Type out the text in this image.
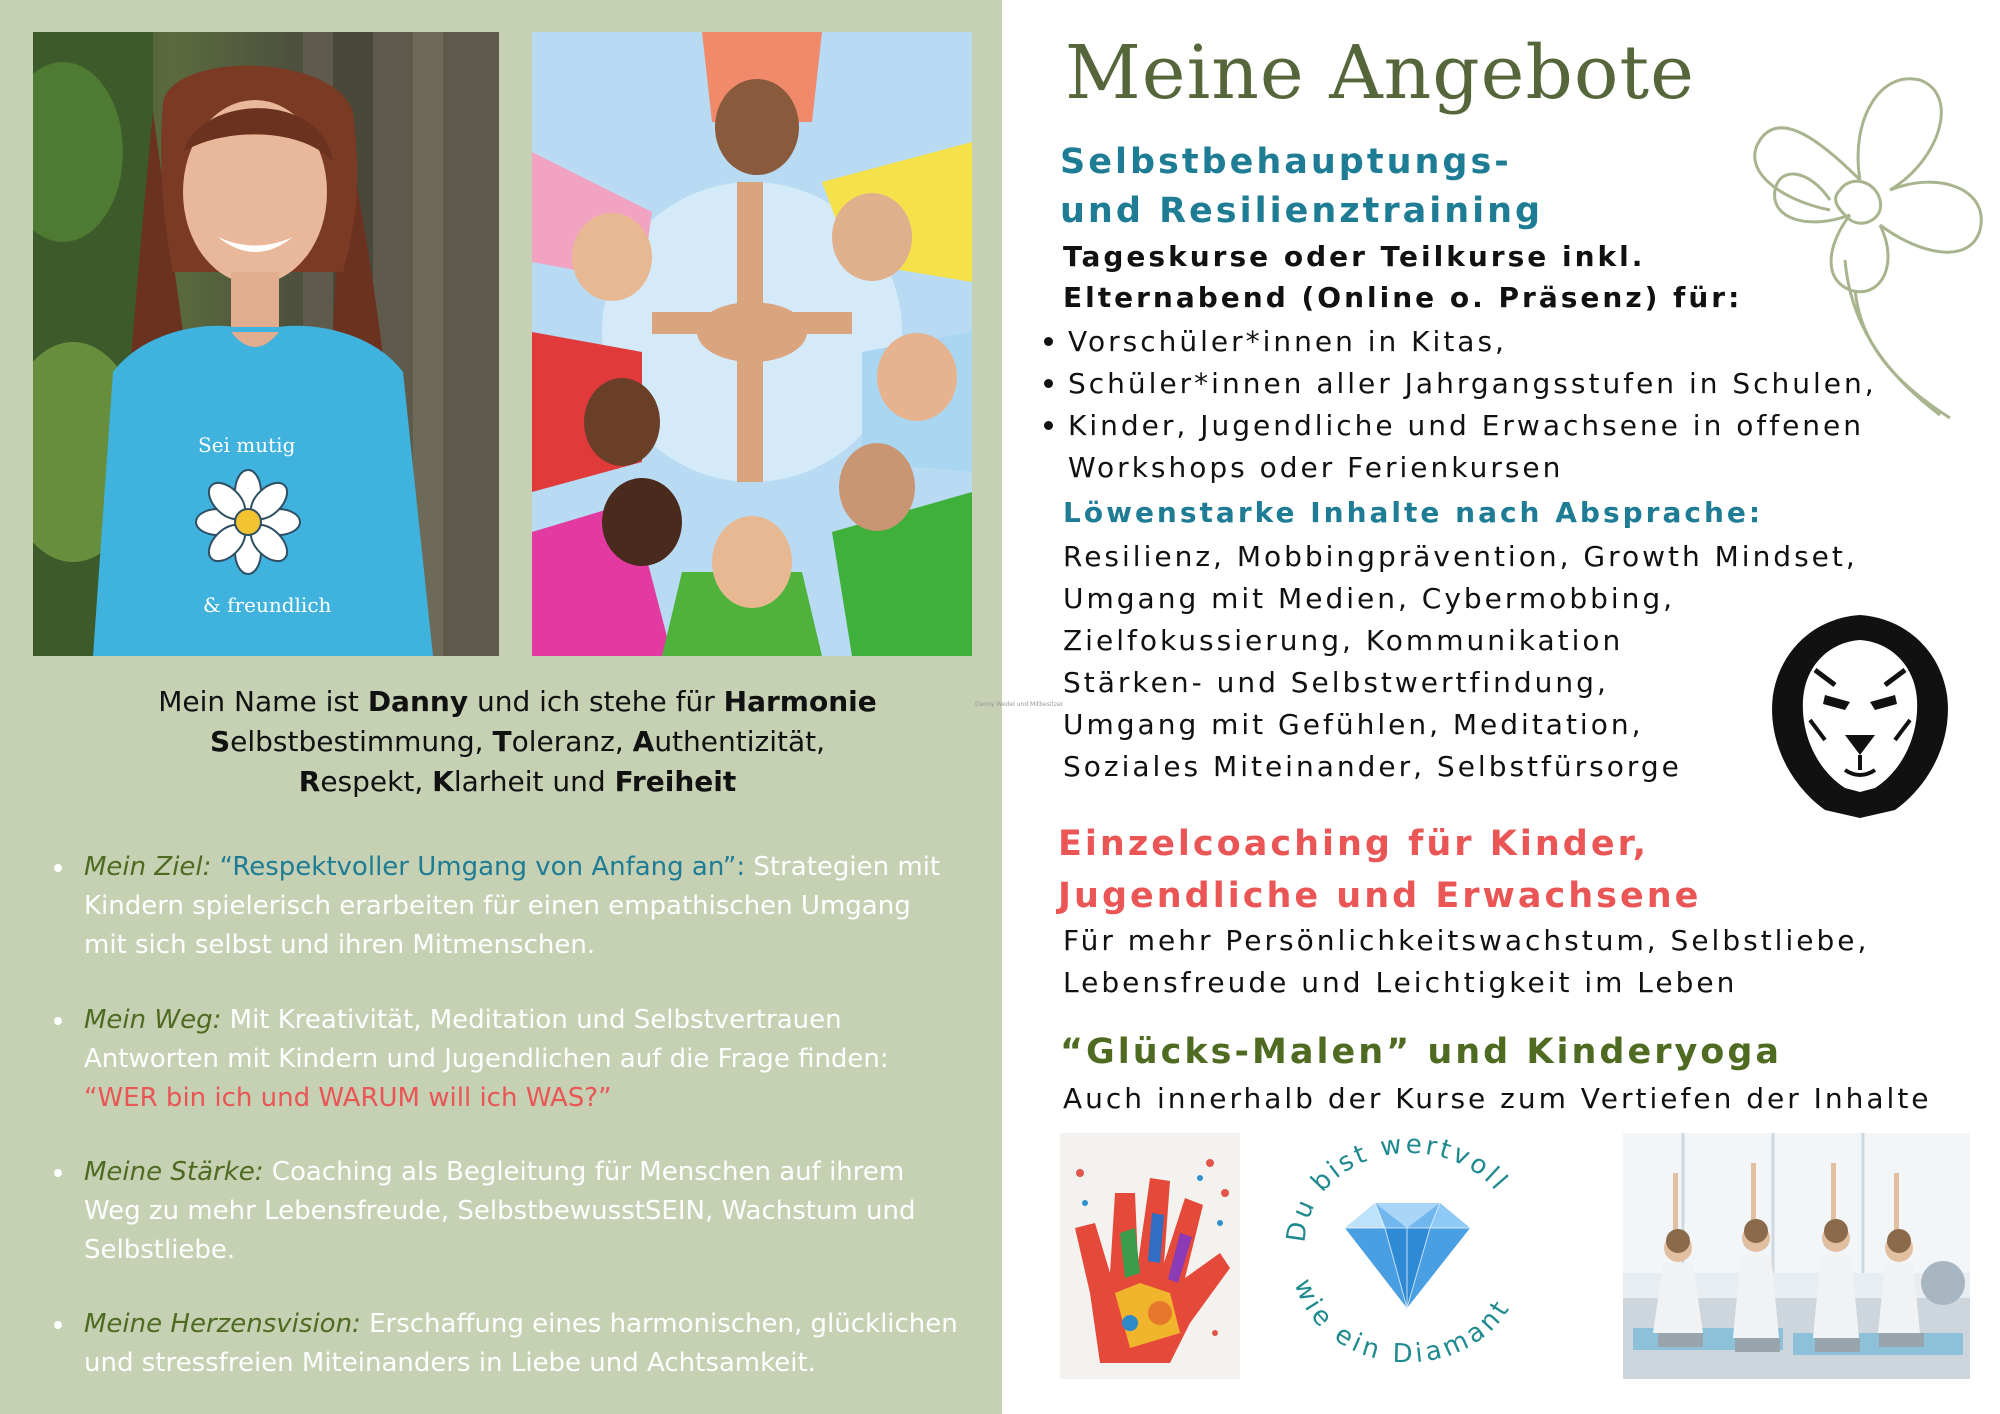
Sei mutig
& freundlich
Danny Wedel und Mitbesitzer
Mein Name ist Danny und ich stehe für Harmonie
Selbstbestimmung, Toleranz, Authentizität,
Respekt, Klarheit und Freiheit
Mein Ziel: “Respektvoller Umgang von Anfang an”: Strategien mit
Kindern spielerisch erarbeiten für einen empathischen Umgang
mit sich selbst und ihren Mitmenschen.
Mein Weg: Mit Kreativität, Meditation und Selbstvertrauen
Antworten mit Kindern und Jugendlichen auf die Frage finden:
“WER bin ich und WARUM will ich WAS?”
Meine Stärke: Coaching als Begleitung für Menschen auf ihrem
Weg zu mehr Lebensfreude, SelbstbewusstSEIN, Wachstum und
Selbstliebe.
Meine Herzensvision: Erschaffung eines harmonischen, glücklichen
und stressfreien Miteinanders in Liebe und Achtsamkeit.
Meine Angebote
Selbstbehauptungs-
und Resilienztraining
Tageskurse oder Teilkurse inkl.
Elternabend (Online o. Präsenz) für:
Vorschüler*innen in Kitas,
Schüler*innen aller Jahrgangsstufen in Schulen,
Kinder, Jugendliche und Erwachsene in offenen
Workshops oder Ferienkursen
Löwenstarke Inhalte nach Absprache:
Resilienz, Mobbingprävention, Growth Mindset,
Umgang mit Medien, Cybermobbing,
Zielfokussierung, Kommunikation
Stärken- und Selbstwertfindung,
Umgang mit Gefühlen, Meditation,
Soziales Miteinander, Selbstfürsorge
Einzelcoaching für Kinder,
Jugendliche und Erwachsene
Für mehr Persönlichkeitswachstum, Selbstliebe,
Lebensfreude und Leichtigkeit im Leben
“Glücks-Malen” und Kinderyoga
Auch innerhalb der Kurse zum Vertiefen der Inhalte
Du bist wertvoll
wie ein Diamant
